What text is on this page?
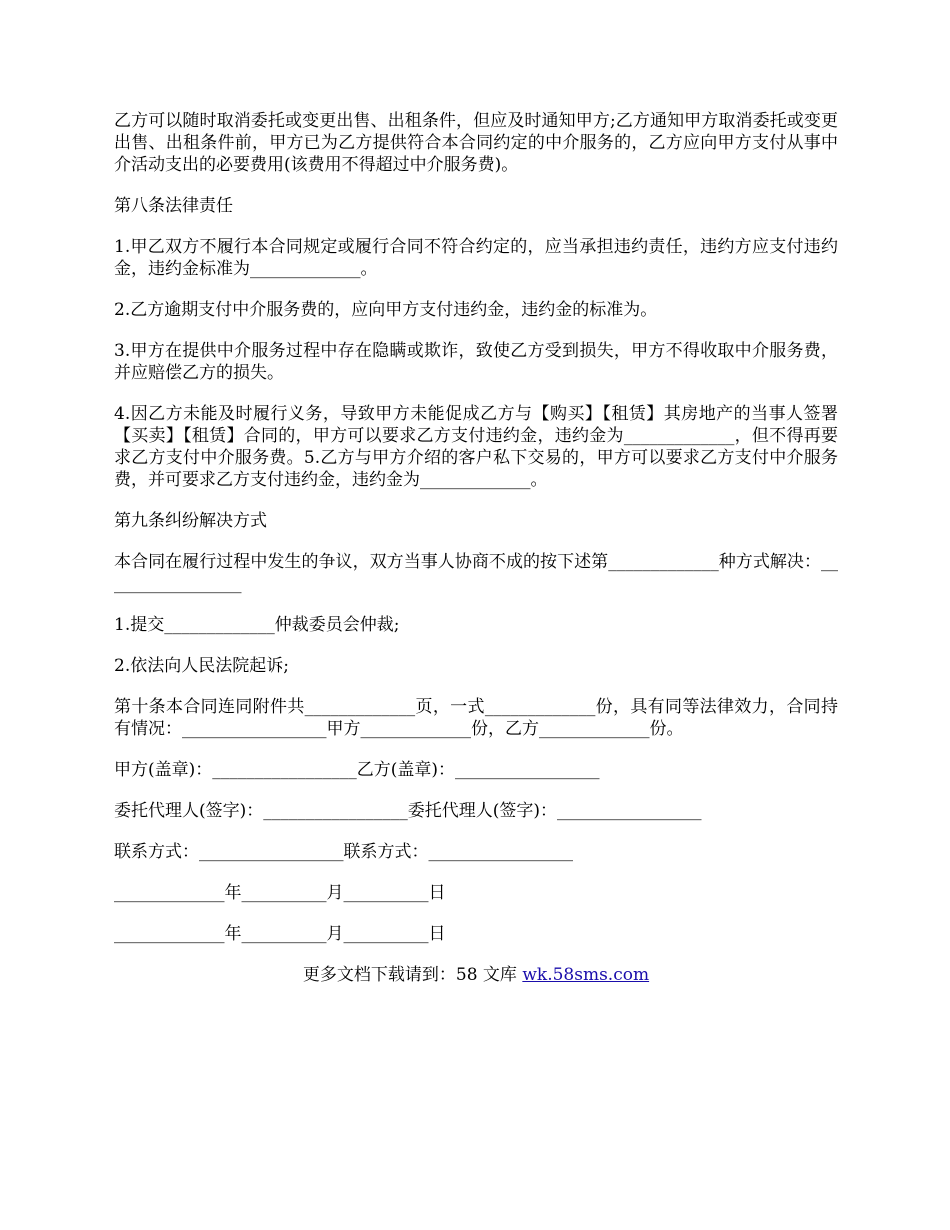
乙方可以随时取消委托或变更出售、出租条件，但应及时通知甲方;乙方通知甲方取消委托或变更出售、出租条件前，甲方已为乙方提供符合本合同约定的中介服务的，乙方应向甲方支付从事中介活动支出的必要费用(该费用不得超过中介服务费)。

第八条法律责任

1.甲乙双方不履行本合同规定或履行合同不符合约定的，应当承担违约责任，违约方应支付违约金，违约金标准为_____________。

2.乙方逾期支付中介服务费的，应向甲方支付违约金，违约金的标准为。

3.甲方在提供中介服务过程中存在隐瞒或欺诈，致使乙方受到损失，甲方不得收取中介服务费，并应赔偿乙方的损失。

4.因乙方未能及时履行义务，导致甲方未能促成乙方与【购买】【租赁】其房地产的当事人签署【买卖】【租赁】合同的，甲方可以要求乙方支付违约金，违约金为_____________，但不得再要求乙方支付中介服务费。5.乙方与甲方介绍的客户私下交易的，甲方可以要求乙方支付中介服务费，并可要求乙方支付违约金，违约金为_____________。

第九条纠纷解决方式

本合同在履行过程中发生的争议，双方当事人协商不成的按下述第_____________种方式解决：_________________

1.提交_____________仲裁委员会仲裁;

2.依法向人民法院起诉;

第十条本合同连同附件共_____________页，一式_____________份，具有同等法律效力，合同持有情况：_________________甲方_____________份，乙方_____________份。

甲方(盖章)：_________________乙方(盖章)：_________________

委托代理人(签字)：_________________委托代理人(签字)：_________________

联系方式：_________________联系方式：_________________

_____________年__________月__________日

_____________年__________月__________日

更多文档下载请到：58 文库 wk.58sms.com
